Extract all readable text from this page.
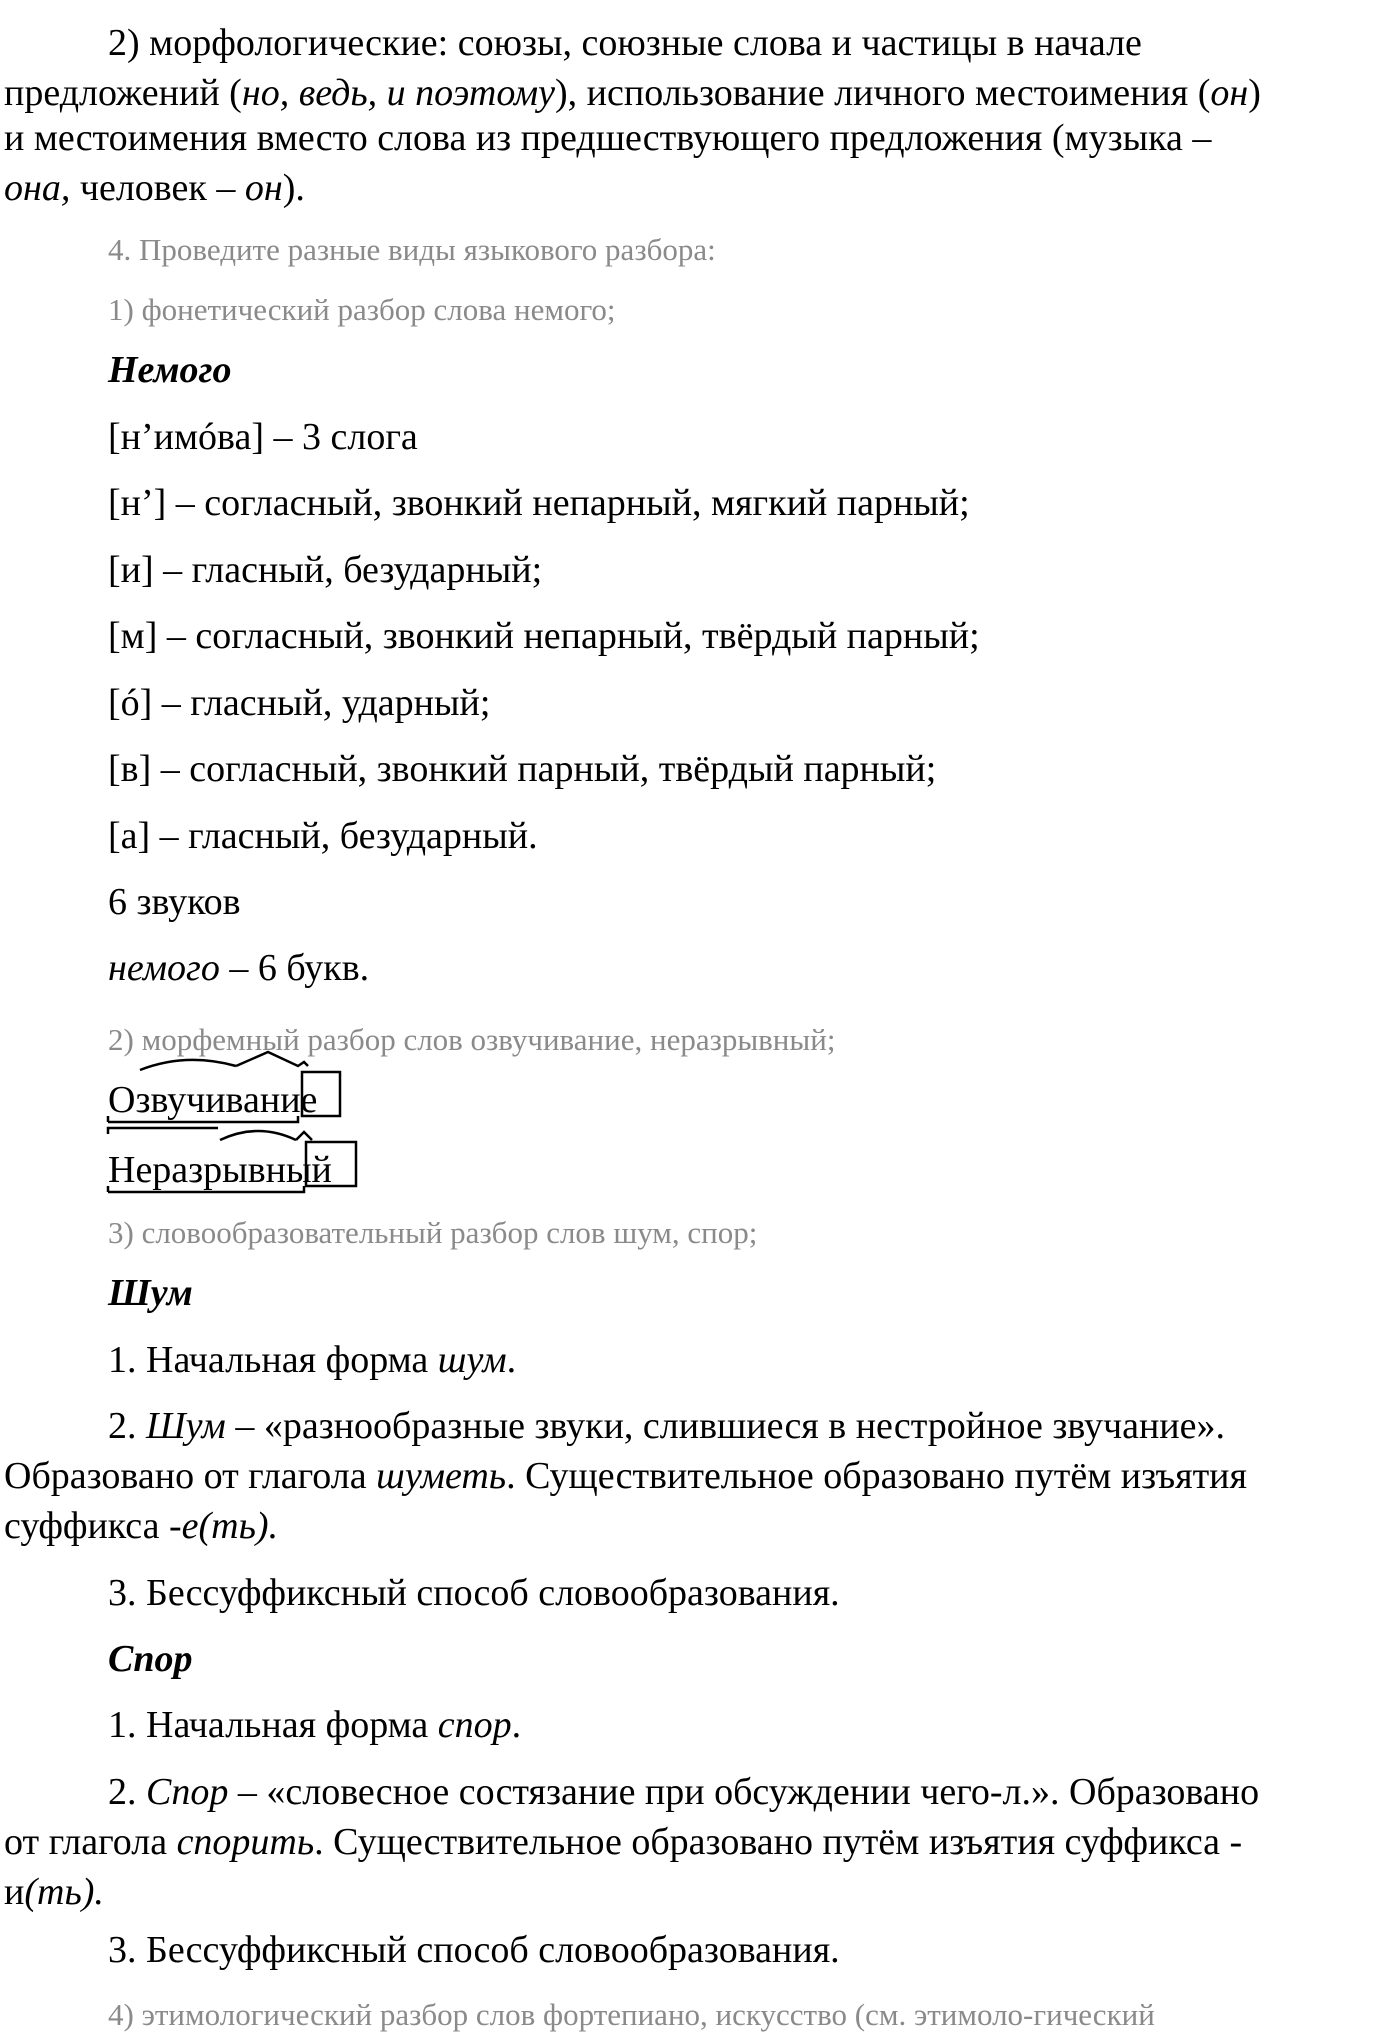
2) морфологические: союзы, союзные слова и частицы в начале
предложений (но, ведь, и поэтому), использование личного местоимения (он)
и местоимения вместо слова из предшествующего предложения (музыка –
она, человек – он).
4. Проведите разные виды языкового разбора:
1) фонетический разбор слова немого;
Немого
[н’имóва] – 3 слога
[н’] – согласный, звонкий непарный, мягкий парный;
[и] – гласный, безударный;
[м] – согласный, звонкий непарный, твёрдый парный;
[ó] – гласный, ударный;
[в] – согласный, звонкий парный, твёрдый парный;
[а] – гласный, безударный.
6 звуков
немого – 6 букв.
2) морфемный разбор слов озвучивание, неразрывный;
Озвучивание
Неразрывный
3) словообразовательный разбор слов шум, спор;
Шум
1. Начальная форма шум.
2. Шум – «разнообразные звуки, слившиеся в нестройное звучание».
Образовано от глагола шуметь. Существительное образовано путём изъятия
суффикса -е(ть).
3. Бессуффиксный способ словообразования.
Спор
1. Начальная форма спор.
2. Спор – «словесное состязание при обсуждении чего-л.». Образовано
от глагола спорить. Существительное образовано путём изъятия суффикса -
и(ть).
3. Бессуффиксный способ словообразования.
4) этимологический разбор слов фортепиано, искусство (см. этимоло-гический
